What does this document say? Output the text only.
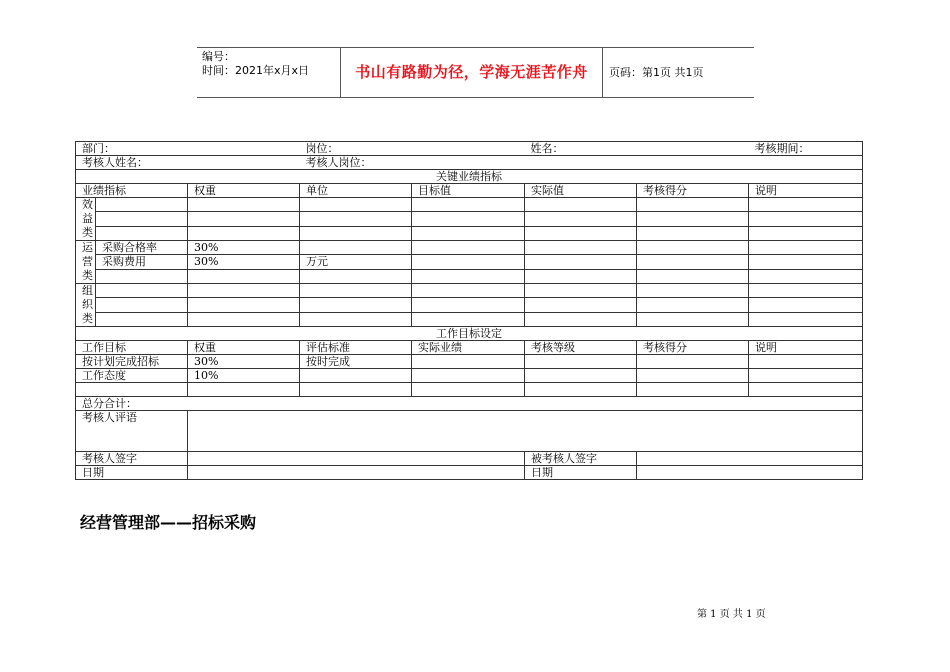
编号：
时间：2021年x月x日	书山有路勤为径，学海无涯苦作舟	页码：第1页 共1页
部门：			岗位：		姓名：		考核期间：
考核人姓名：			考核人岗位：				
关键业绩指标							
业绩指标		权重	单位	目标值	实际值	考核得分	说明
效益类							

运营类	采购合格率	30%					
	采购费用	30%	万元				

组织类							

工作目标设定							
工作目标		权重	评估标准	实际业绩	考核等级	考核得分	说明
按计划完成招标		30%	按时完成				
工作态度		10%					

总分合计：							
考核人评语							
考核人签字					被考核人签字		
日期					日期		
经营管理部——招标采购
第 1 页 共 1 页
